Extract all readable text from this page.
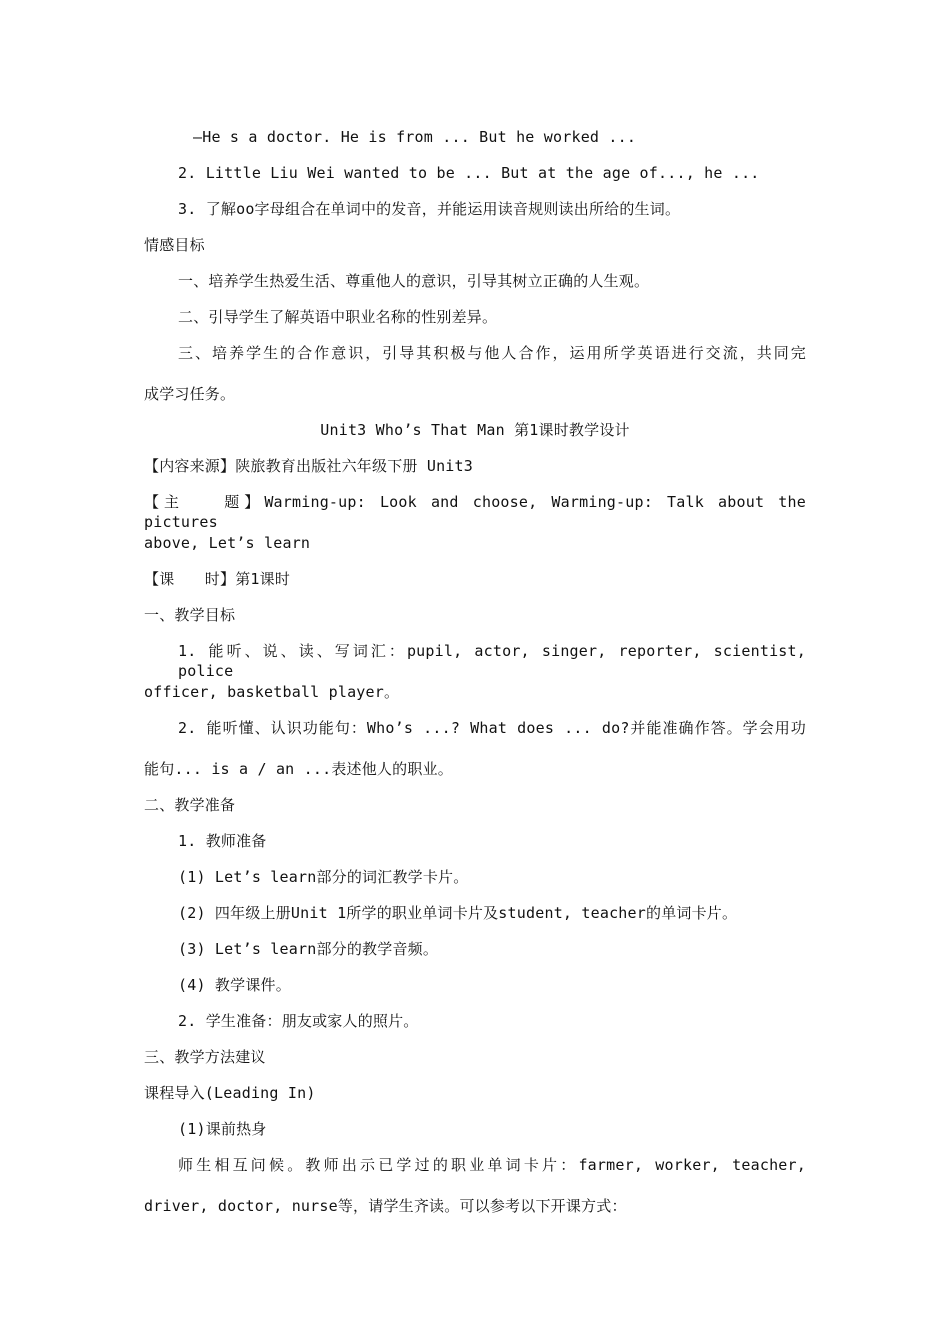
—He s a doctor. He is from ... But he worked ...
2. Little Liu Wei wanted to be ... But at the age of..., he ...
3. 了解oo字母组合在单词中的发音，并能运用读音规则读出所给的生词。
情感目标
一、培养学生热爱生活、尊重他人的意识，引导其树立正确的人生观。
二、引导学生了解英语中职业名称的性别差异。
三、培养学生的合作意识，引导其积极与他人合作，运用所学英语进行交流，共同完
成学习任务。
Unit3 Who’s That Man 第1课时教学设计
【内容来源】陕旅教育出版社六年级下册 Unit3
【主　　题】Warming-up: Look and choose, Warming-up: Talk about the pictures
above, Let’s learn
【课　　时】第1课时
一、教学目标
1. 能听、说、读、写词汇：pupil, actor, singer, reporter, scientist, police
officer, basketball player。
2. 能听懂、认识功能句：Who’s ...? What does ... do?并能准确作答。学会用功
能句... is a / an ...表述他人的职业。
二、教学准备
1. 教师准备
(1) Let’s learn部分的词汇教学卡片。
(2) 四年级上册Unit 1所学的职业单词卡片及student, teacher的单词卡片。
(3) Let’s learn部分的教学音频。
(4) 教学课件。
2. 学生准备：朋友或家人的照片。
三、教学方法建议
课程导入(Leading In)
(1)课前热身
师生相互问候。教师出示已学过的职业单词卡片：farmer, worker, teacher,
driver, doctor, nurse等，请学生齐读。可以参考以下开课方式：
